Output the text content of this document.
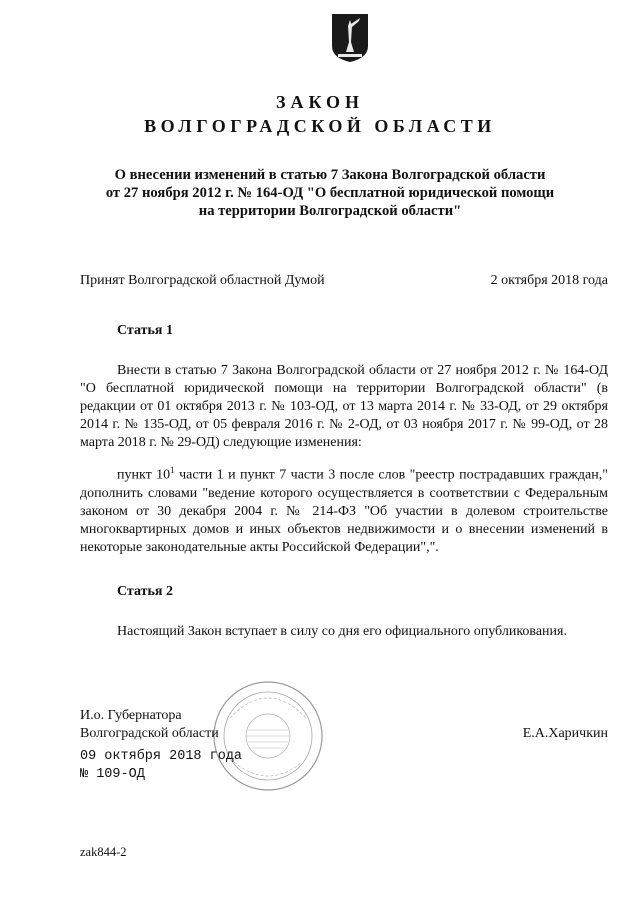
ЗАКОН
ВОЛГОГРАДСКОЙ ОБЛАСТИ
О внесении изменений в статью 7 Закона Волгоградской области
от 27 ноября 2012 г. № 164-ОД "О бесплатной юридической помощи
на территории Волгоградской области"
Принят Волгоградской областной Думой	2 октября 2018 года
Статья 1

Внести в статью 7 Закона Волгоградской области от 27 ноября 2012 г. № 164-ОД "О бесплатной юридической помощи на территории Волгоградской области" (в редакции от 01 октября 2013 г. № 103-ОД, от 13 марта 2014 г. № 33-ОД, от 29 октября 2014 г. № 135-ОД, от 05 февраля 2016 г. № 2-ОД, от 03 ноября 2017 г. № 99-ОД, от 28 марта 2018 г. № 29-ОД) следующие изменения:

пункт $10^1$ части 1 и пункт 7 части 3 после слов "реестр пострадавших граждан," дополнить словами "ведение которого осуществляется в соответствии с Федеральным законом от 30 декабря 2004 г. № 214-ФЗ "Об участии в долевом строительстве многоквартирных домов и иных объектов недвижимости и о внесении изменений в некоторые законодательные акты Российской Федерации",".

Статья 2

Настоящий Закон вступает в силу со дня его официального опубликования.

И.о. Губернатора
Волгоградской области	Е.А.Харичкин
09 октября 2018 года
№ 109-ОД
zak844-2
